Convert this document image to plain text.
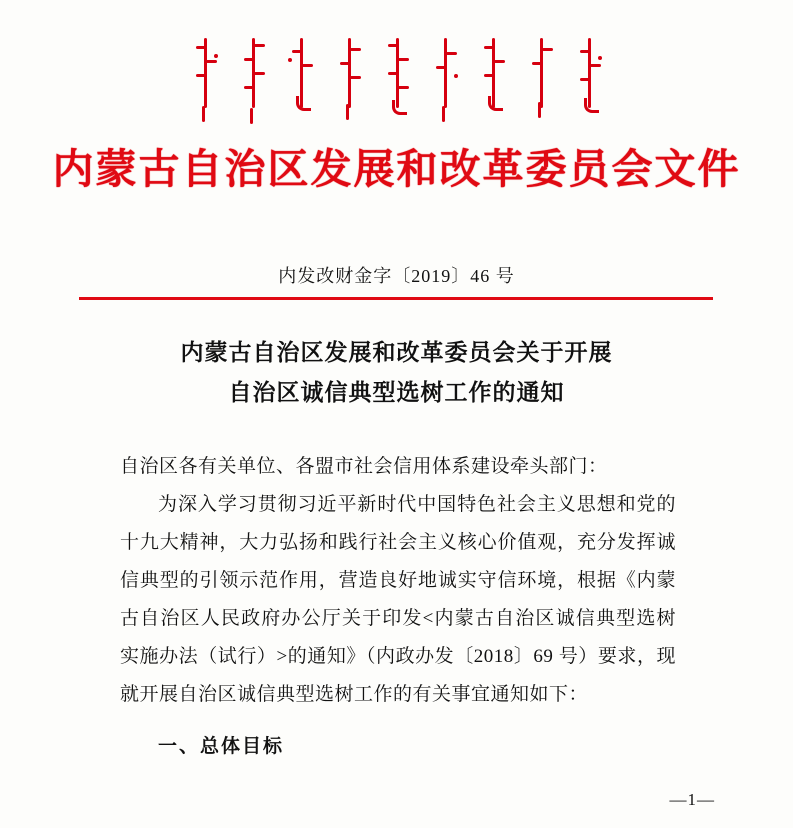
内蒙古自治区发展和改革委员会文件
内发改财金字〔2019〕46 号
内蒙古自治区发展和改革委员会关于开展
自治区诚信典型选树工作的通知
自治区各有关单位、各盟市社会信用体系建设牵头部门：
为深入学习贯彻习近平新时代中国特色社会主义思想和党的十九大精神，大力弘扬和践行社会主义核心价值观，充分发挥诚信典型的引领示范作用，营造良好地诚实守信环境，根据《内蒙古自治区人民政府办公厅关于印发<内蒙古自治区诚信典型选树实施办法（试行）>的通知》（内政办发〔2018〕69 号）要求，现就开展自治区诚信典型选树工作的有关事宜通知如下：
一、总体目标
—1—
